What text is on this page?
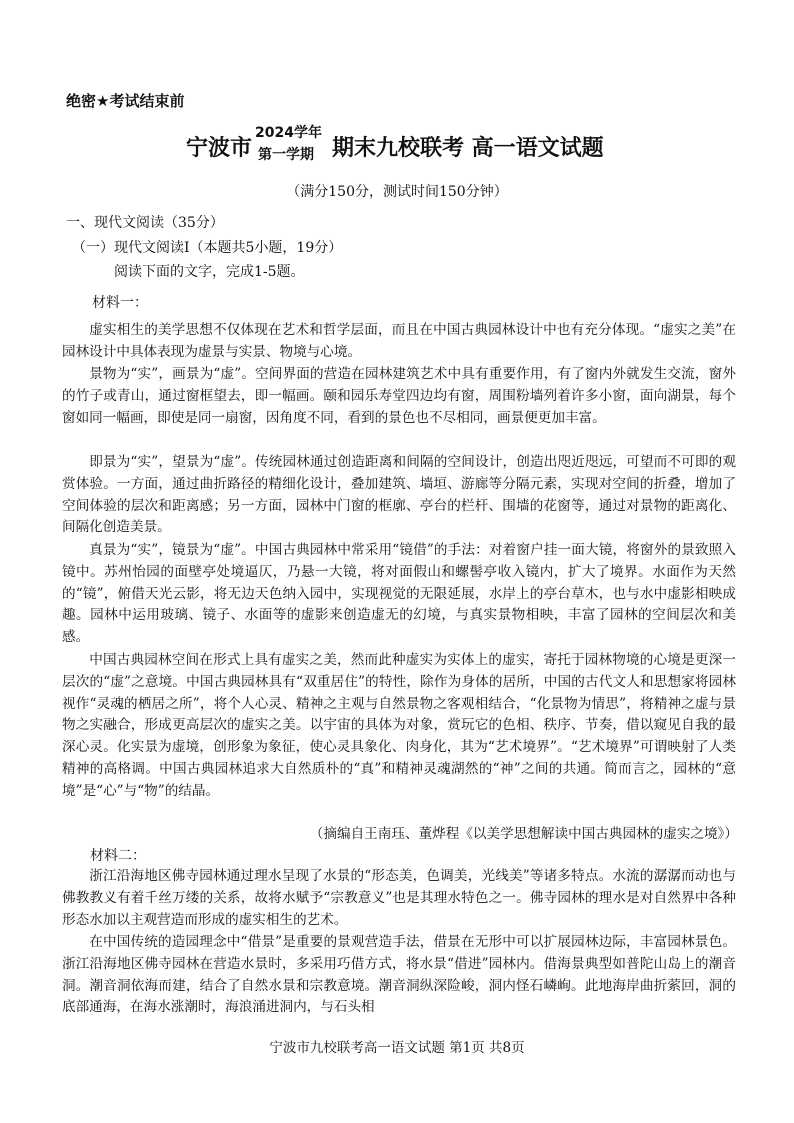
绝密★考试结束前
宁波市
2024学年
第一学期 期末九校联考 高一语文试题
（满分150分，测试时间150分钟）
一、现代文阅读（35分）
（一）现代文阅读Ⅰ（本题共5小题，19分）
阅读下面的文字，完成1-5题。
材料一：

虚实相生的美学思想不仅体现在艺术和哲学层面，而且在中国古典园林设计中也有充分体现。“虚实之美”在园林设计中具体表现为虚景与实景、物境与心境。

景物为“实”，画景为“虚”。空间界面的营造在园林建筑艺术中具有重要作用，有了窗内外就发生交流，窗外的竹子或青山，通过窗框望去，即一幅画。颐和园乐寿堂四边均有窗，周围粉墙列着许多小窗，面向湖景，每个窗如同一幅画，即使是同一扇窗，因角度不同，看到的景色也不尽相同，画景便更加丰富。

即景为“实”，望景为“虚”。传统园林通过创造距离和间隔的空间设计，创造出咫近咫远，可望而不可即的观赏体验。一方面，通过曲折路径的精细化设计，叠加建筑、墙垣、游廊等分隔元素，实现对空间的折叠，增加了空间体验的层次和距离感；另一方面，园林中门窗的框廓、亭台的栏杆、围墙的花窗等，通过对景物的距离化、间隔化创造美景。

真景为“实”，镜景为“虚”。中国古典园林中常采用“镜借”的手法：对着窗户挂一面大镜，将窗外的景致照入镜中。苏州怡园的面壁亭处境逼仄，乃悬一大镜，将对面假山和螺髻亭收入镜内，扩大了境界。水面作为天然的“镜”，俯借天光云影，将无边天色纳入园中，实现视觉的无限延展，水岸上的亭台草木，也与水中虚影相映成趣。园林中运用玻璃、镜子、水面等的虚影来创造虚无的幻境，与真实景物相映，丰富了园林的空间层次和美感。

中国古典园林空间在形式上具有虚实之美，然而此种虚实为实体上的虚实，寄托于园林物境的心境是更深一层次的“虚”之意境。中国古典园林具有“双重居住”的特性，除作为身体的居所，中国的古代文人和思想家将园林视作“灵魂的栖居之所”，将个人心灵、精神之主观与自然景物之客观相结合，“化景物为情思”，将精神之虚与景物之实融合，形成更高层次的虚实之美。以宇宙的具体为对象，赏玩它的色相、秩序、节奏，借以窥见自我的最深心灵。化实景为虚境，创形象为象征，使心灵具象化、肉身化，其为“艺术境界”。“艺术境界”可谓映射了人类精神的高格调。中国古典园林追求大自然质朴的“真”和精神灵魂湖然的“神”之间的共通。简而言之，园林的“意境”是“心”与“物”的结晶。

（摘编自王南珏、董烨程《以美学思想解读中国古典园林的虚实之境》）
材料二：

浙江沿海地区佛寺园林通过理水呈现了水景的“形态美，色调美，光线美”等诸多特点。水流的潺潺而动也与佛教教义有着千丝万缕的关系，故将水赋予“宗教意义”也是其理水特色之一。佛寺园林的理水是对自然界中各种形态水加以主观营造而形成的虚实相生的艺术。

在中国传统的造园理念中“借景”是重要的景观营造手法，借景在无形中可以扩展园林边际，丰富园林景色。浙江沿海地区佛寺园林在营造水景时，多采用巧借方式，将水景“借进”园林内。借海景典型如普陀山岛上的潮音洞。潮音洞依海而建，结合了自然水景和宗教意境。潮音洞纵深险峻，洞内怪石嶙峋。此地海岸曲折萦回，洞的底部通海，在海水涨潮时，海浪涌进洞内，与石头相

宁波市九校联考高一语文试题 第1页 共8页
